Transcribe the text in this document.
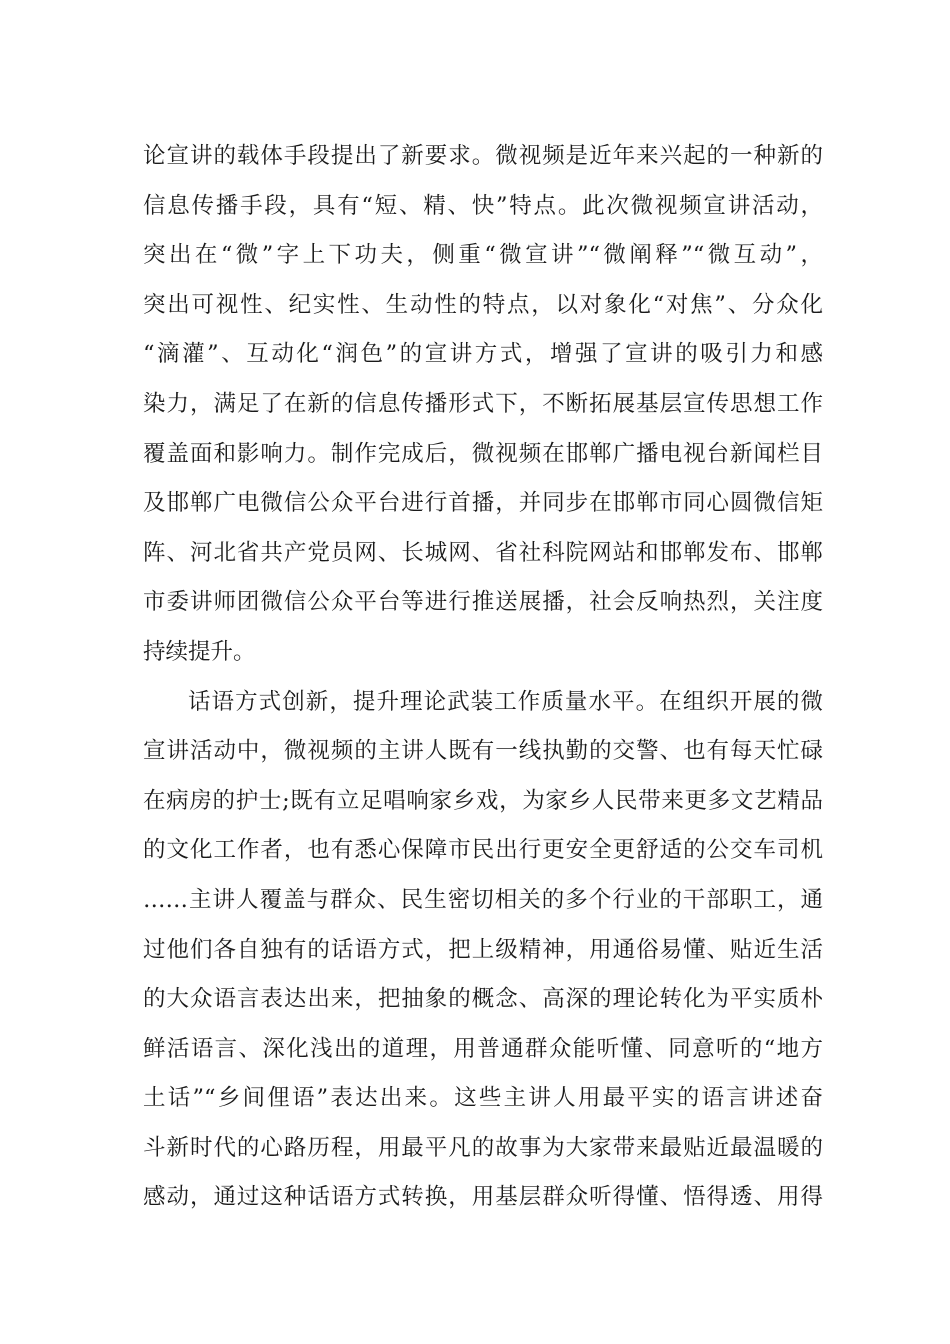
论宣讲的载体手段提出了新要求。微视频是近年来兴起的一种新的
信息传播手段，具有“短、精、快”特点。此次微视频宣讲活动，
突出在“微”字上下功夫，侧重“微宣讲”“微阐释”“微互动”，
突出可视性、纪实性、生动性的特点，以对象化“对焦”、分众化
“滴灌”、互动化“润色”的宣讲方式，增强了宣讲的吸引力和感
染力，满足了在新的信息传播形式下，不断拓展基层宣传思想工作
覆盖面和影响力。制作完成后，微视频在邯郸广播电视台新闻栏目
及邯郸广电微信公众平台进行首播，并同步在邯郸市同心圆微信矩
阵、河北省共产党员网、长城网、省社科院网站和邯郸发布、邯郸
市委讲师团微信公众平台等进行推送展播，社会反响热烈，关注度
持续提升。
话语方式创新，提升理论武装工作质量水平。在组织开展的微
宣讲活动中，微视频的主讲人既有一线执勤的交警、也有每天忙碌
在病房的护士;既有立足唱响家乡戏，为家乡人民带来更多文艺精品
的文化工作者，也有悉心保障市民出行更安全更舒适的公交车司机
……主讲人覆盖与群众、民生密切相关的多个行业的干部职工，通
过他们各自独有的话语方式，把上级精神，用通俗易懂、贴近生活
的大众语言表达出来，把抽象的概念、高深的理论转化为平实质朴
鲜活语言、深化浅出的道理，用普通群众能听懂、同意听的“地方
土话”“乡间俚语”表达出来。这些主讲人用最平实的语言讲述奋
斗新时代的心路历程，用最平凡的故事为大家带来最贴近最温暖的
感动，通过这种话语方式转换，用基层群众听得懂、悟得透、用得
